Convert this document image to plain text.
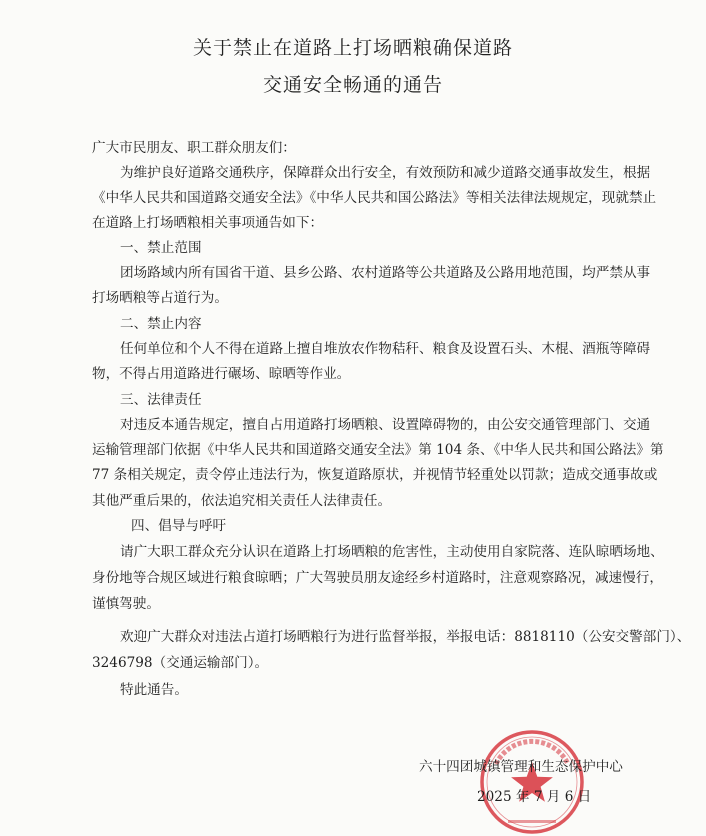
关于禁止在道路上打场晒粮确保道路
交通安全畅通的通告
广大市民朋友、职工群众朋友们：
为维护良好道路交通秩序，保障群众出行安全，有效预防和减少道路交通事故发生，根据
《中华人民共和国道路交通安全法》《中华人民共和国公路法》等相关法律法规规定，现就禁止
在道路上打场晒粮相关事项通告如下：
一、禁止范围
团场路域内所有国省干道、县乡公路、农村道路等公共道路及公路用地范围，均严禁从事
打场晒粮等占道行为。
二、禁止内容
任何单位和个人不得在道路上擅自堆放农作物秸秆、粮食及设置石头、木棍、酒瓶等障碍
物，不得占用道路进行碾场、晾晒等作业。
三、法律责任
对违反本通告规定，擅自占用道路打场晒粮、设置障碍物的，由公安交通管理部门、交通
运输管理部门依据《中华人民共和国道路交通安全法》第 104 条、《中华人民共和国公路法》第
77 条相关规定，责令停止违法行为，恢复道路原状，并视情节轻重处以罚款；造成交通事故或
其他严重后果的，依法追究相关责任人法律责任。
四、倡导与呼吁
请广大职工群众充分认识在道路上打场晒粮的危害性，主动使用自家院落、连队晾晒场地、
身份地等合规区域进行粮食晾晒；广大驾驶员朋友途经乡村道路时，注意观察路况，减速慢行，
谨慎驾驶。
欢迎广大群众对违法占道打场晒粮行为进行监督举报，举报电话：8818110（公安交警部门）、
3246798（交通运输部门）。
特此通告。
六十四团城镇管理和生态保护中心
2025 年 7 月 6 日
